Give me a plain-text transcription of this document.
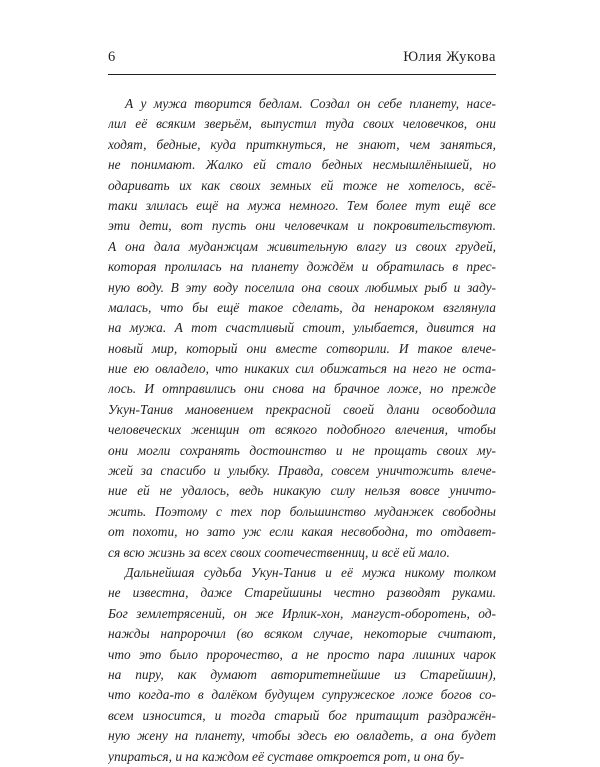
6	Юлия Жукова
А у мужа творится бедлам. Создал он себе планету, насе-
лил её всяким зверьём, выпустил туда своих человечков, они
ходят, бедные, куда приткнуться, не знают, чем заняться,
не понимают. Жалко ей стало бедных несмышлёнышей, но
одаривать их как своих земных ей тоже не хотелось, всё-
таки злилась ещё на мужа немного. Тем более тут ещё все
эти дети, вот пусть они человечкам и покровительствуют.
А она дала муданжцам живительную влагу из своих грудей,
которая пролилась на планету дождём и обратилась в прес-
ную воду. В эту воду поселила она своих любимых рыб и заду-
малась, что бы ещё такое сделать, да ненароком взглянула
на мужа. А тот счастливый стоит, улыбается, дивится на
новый мир, который они вместе сотворили. И такое влече-
ние ею овладело, что никаких сил обижаться на него не оста-
лось. И отправились они снова на брачное ложе, но прежде
Укун-Танив мановением прекрасной своей длани освободила
человеческих женщин от всякого подобного влечения, чтобы
они могли сохранять достоинство и не прощать своих му-
жей за спасибо и улыбку. Правда, совсем уничтожить влече-
ние ей не удалось, ведь никакую силу нельзя вовсе уничто-
жить. Поэтому с тех пор большинство муданжек свободны
от похоти, но зато уж если какая несвободна, то отдавет-
ся всю жизнь за всех своих соотечественниц, и всё ей мало.
Дальнейшая судьба Укун-Танив и её мужа никому толком
не известна, даже Старейшины честно разводят руками.
Бог землетрясений, он же Ирлик-хон, мангуст-оборотень, од-
нажды напророчил (во всяком случае, некоторые считают,
что это было пророчество, а не просто пара лишних чарок
на пиру, как думают авторитетнейшие из Старейшин),
что когда-то в далёком будущем супружеское ложе богов со-
всем износится, и тогда старый бог притащит раздражён-
ную жену на планету, чтобы здесь ею овладеть, а она будет
упираться, и на каждом её суставе откроется рот, и она бу-
